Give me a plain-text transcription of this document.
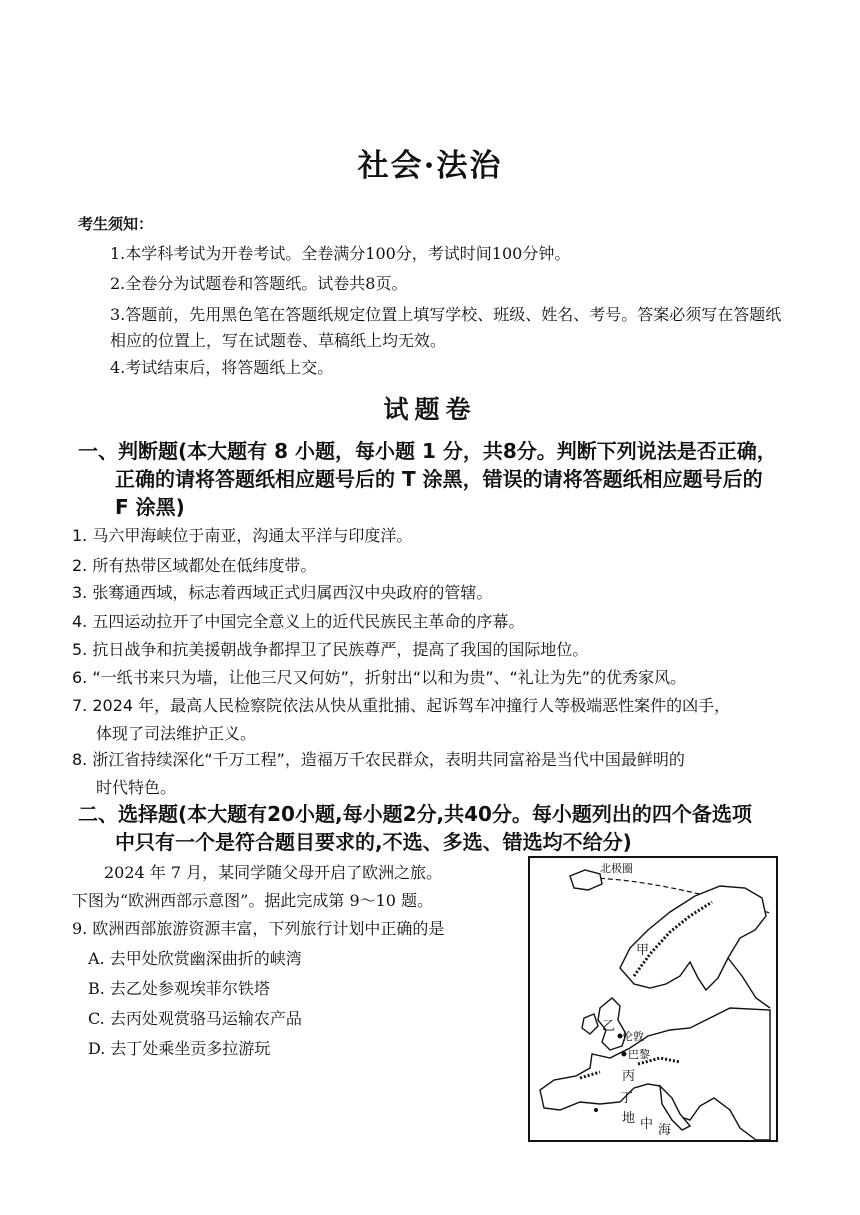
社会·法治
考生须知：
1.本学科考试为开卷考试。全卷满分100分，考试时间100分钟。
2.全卷分为试题卷和答题纸。试卷共8页。
3.答题前，先用黑色笔在答题纸规定位置上填写学校、班级、姓名、考号。答案必须写在答题纸相应的位置上，写在试题卷、草稿纸上均无效。
4.考试结束后，将答题纸上交。
试题卷
一、判断题(本大题有 8 小题，每小题 1 分，共8分。判断下列说法是否正确，
正确的请将答题纸相应题号后的 T 涂黑，错误的请将答题纸相应题号后的
F 涂黑)
1. 马六甲海峡位于南亚，沟通太平洋与印度洋。
2. 所有热带区域都处在低纬度带。
3. 张骞通西域，标志着西域正式归属西汉中央政府的管辖。
4. 五四运动拉开了中国完全意义上的近代民族民主革命的序幕。
5. 抗日战争和抗美援朝战争都捍卫了民族尊严，提高了我国的国际地位。
6. “一纸书来只为墙，让他三尺又何妨”，折射出“以和为贵”、“礼让为先”的优秀家风。
7. 2024 年，最高人民检察院依法从快从重批捕、起诉驾车冲撞行人等极端恶性案件的凶手，
体现了司法维护正义。
8. 浙江省持续深化“千万工程”，造福万千农民群众，表明共同富裕是当代中国最鲜明的
时代特色。
二、选择题(本大题有20小题,每小题2分,共40分。每小题列出的四个备选项
中只有一个是符合题目要求的,不选、多选、错选均不给分)
2024 年 7 月，某同学随父母开启了欧洲之旅。
下图为“欧洲西部示意图”。据此完成第 9～10 题。
9. 欧洲西部旅游资源丰富，下列旅行计划中正确的是
A. 去甲处欣赏幽深曲折的峡湾
B. 去乙处参观埃菲尔铁塔
C. 去丙处观赏骆马运输农产品
D. 去丁处乘坐贡多拉游玩
北极圈
甲
乙
伦敦
巴黎
丙
丁
地 中 海
